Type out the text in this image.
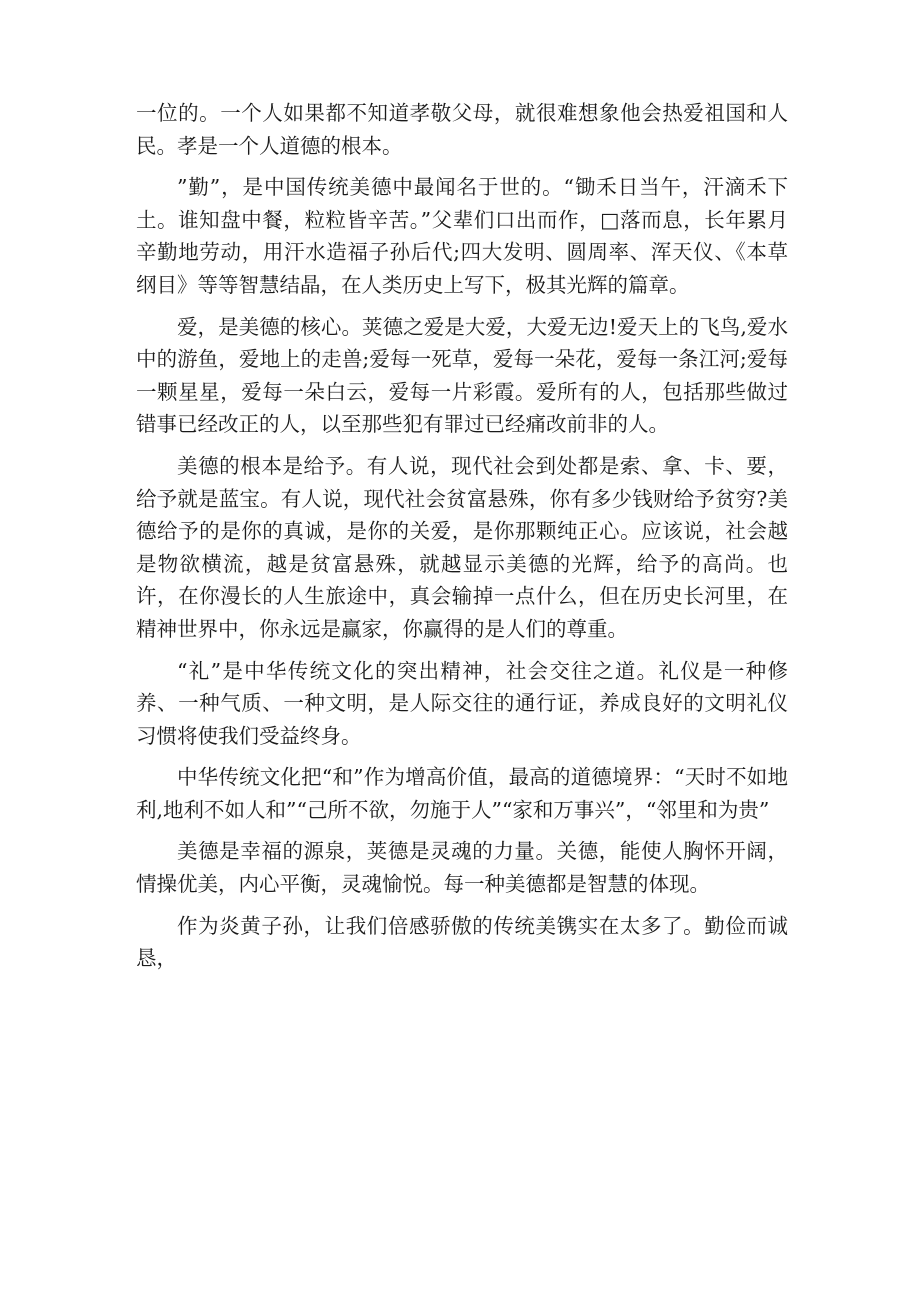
一位的。一个人如果都不知道孝敬父母，就很难想象他会热爱祖国和人民。孝是一个人道德的根本。

”勤”，是中国传统美德中最闻名于世的。“锄禾日当午，汗滴禾下土。谁知盘中餐，粒粒皆辛苦。”父辈们口出而作，□落而息，长年累月辛勤地劳动，用汗水造福子孙后代;四大发明、圆周率、浑天仪、《本草纲目》等等智慧结晶，在人类历史上写下，极其光辉的篇章。

爱，是美德的核心。荚德之爱是大爱，大爱无边!爱天上的飞鸟,爱水中的游鱼，爱地上的走兽;爱每一死草，爱每一朵花，爱每一条江河;爱每一颗星星，爱每一朵白云，爱每一片彩霞。爱所有的人，包括那些做过错事已经改正的人，以至那些犯有罪过已经痛改前非的人。

美德的根本是给予。有人说，现代社会到处都是索、拿、卡、要，给予就是蓝宝。有人说，现代社会贫富悬殊，你有多少钱财给予贫穷?美德给予的是你的真诚，是你的关爱，是你那颗纯正心。应该说，社会越是物欲横流，越是贫富悬殊，就越显示美德的光辉，给予的高尚。也许，在你漫长的人生旅途中，真会输掉一点什么，但在历史长河里，在精神世界中，你永远是赢家，你赢得的是人们的尊重。

“礼”是中华传统文化的突出精神，社会交往之道。礼仪是一种修养、一种气质、一种文明，是人际交往的通行证，养成良好的文明礼仪习惯将使我们受益终身。

中华传统文化把“和”作为增高价值，最高的道德境界：“天时不如地利,地利不如人和”“己所不欲，勿施于人”“家和万事兴”，“邻里和为贵”

美德是幸福的源泉，荚德是灵魂的力量。关德，能使人胸怀开阔，情操优美，内心平衡，灵魂愉悦。每一种美德都是智慧的体现。

作为炎黄子孙，让我们倍感骄傲的传统美镌实在太多了。勤俭而诚恳，
